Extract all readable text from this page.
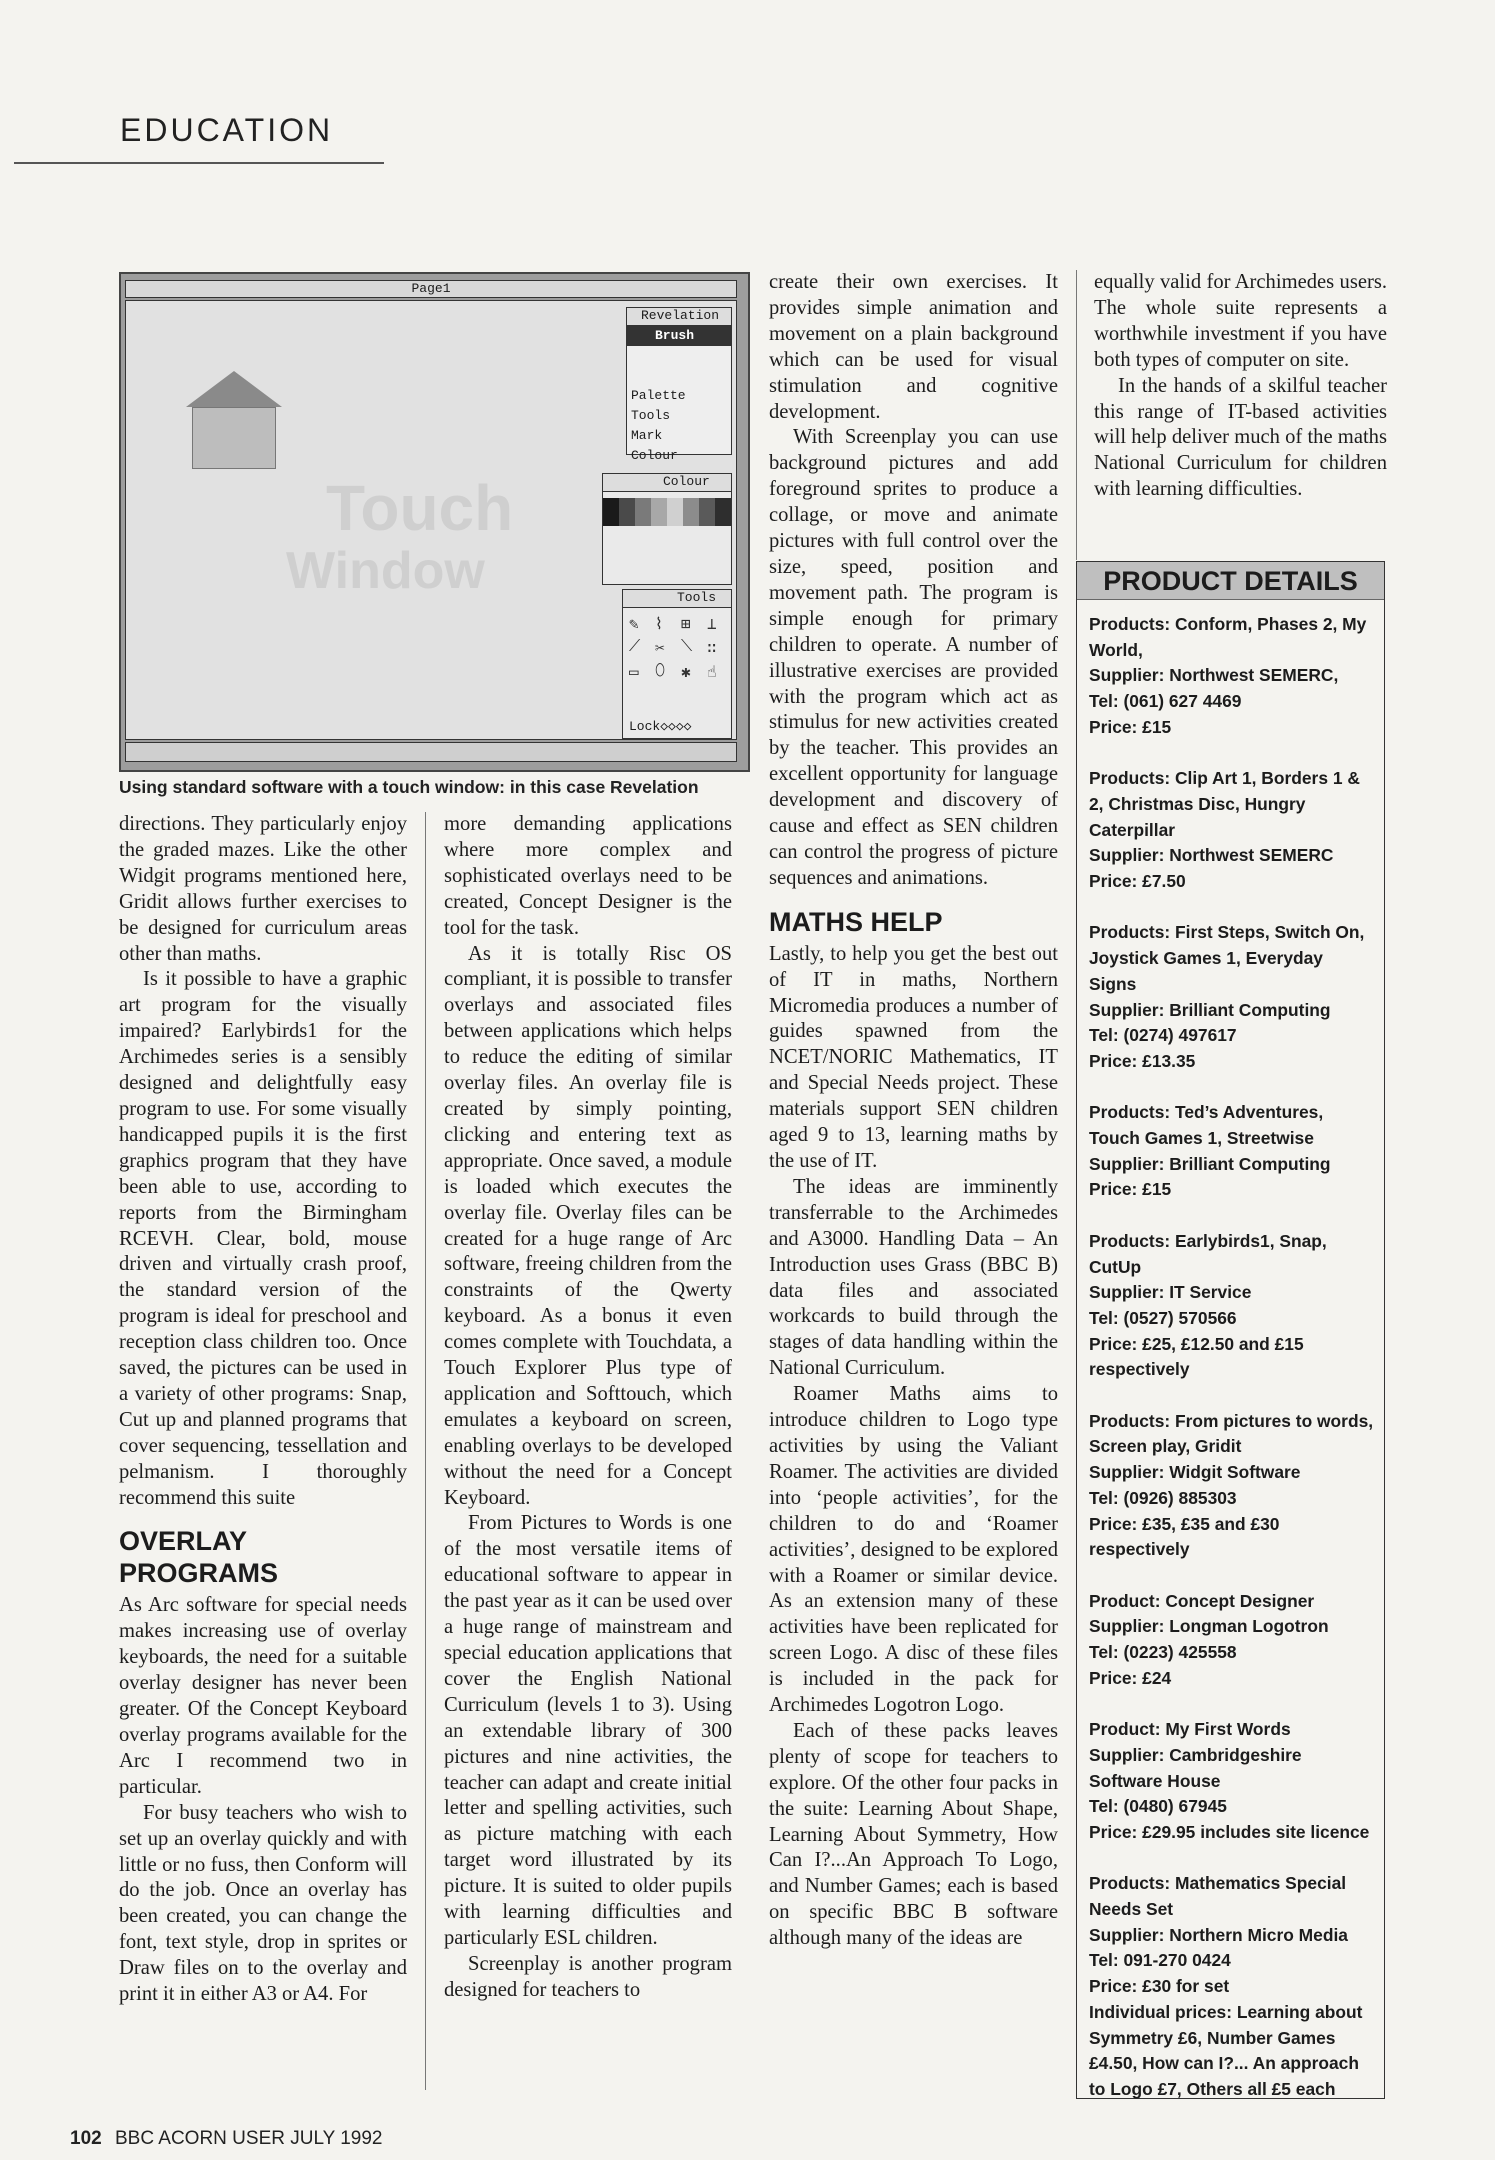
EDUCATION
Page1
Touch
Window
Revelation
Brush
Palette
Tools
Mark
Colour
Colour
Tools
✎	⌇	⊞	⊥
⟋ ✂	⟍ ∷
▭	⬯ ✱	☝
Lock◇◇◇◇
Using standard software with a touch window: in this case Revelation

directions. They particularly enjoy the graded mazes. Like the other Widgit programs mentioned here, Gridit allows further exercises to be designed for curriculum areas other than maths.

Is it possible to have a graphic art program for the visually impaired? Earlybirds1 for the Archimedes series is a sensibly designed and delightfully easy program to use. For some visually handicapped pupils it is the first graphics program that they have been able to use, according to reports from the Birmingham RCEVH. Clear, bold, mouse driven and virtually crash proof, the standard version of the program is ideal for preschool and reception class children too. Once saved, the pictures can be used in a variety of other programs: Snap, Cut up and planned programs that cover sequencing, tessellation and pelmanism. I thoroughly recommend this suite

OVERLAY PROGRAMS

As Arc software for special needs makes increasing use of overlay keyboards, the need for a suitable overlay designer has never been greater. Of the Concept Keyboard overlay programs available for the Arc I recommend two in particular.

For busy teachers who wish to set up an overlay quickly and with little or no fuss, then Conform will do the job. Once an overlay has been created, you can change the font, text style, drop in sprites or Draw files on to the overlay and print it in either A3 or A4. For

more demanding applications where more complex and sophisticated overlays need to be created, Concept Designer is the tool for the task.

As it is totally Risc OS compliant, it is possible to transfer overlays and associated files between applications which helps to reduce the editing of similar overlay files. An overlay file is created by simply pointing, clicking and entering text as appropriate. Once saved, a module is loaded which executes the overlay file. Overlay files can be created for a huge range of Arc software, freeing children from the constraints of the Qwerty keyboard. As a bonus it even comes complete with Touchdata, a Touch Explorer Plus type of application and Softtouch, which emulates a keyboard on screen, enabling overlays to be developed without the need for a Concept Keyboard.

From Pictures to Words is one of the most versatile items of educational software to appear in the past year as it can be used over a huge range of mainstream and special education applications that cover the English National Curriculum (levels 1 to 3). Using an extendable library of 300 pictures and nine activities, the teacher can adapt and create initial letter and spelling activities, such as picture matching with each target word illustrated by its picture. It is suited to older pupils with learning difficulties and particularly ESL children.

Screenplay is another program designed for teachers to

create their own exercises. It provides simple animation and movement on a plain background which can be used for visual stimulation and cognitive development.

With Screenplay you can use background pictures and add foreground sprites to produce a collage, or move and animate pictures with full control over the size, speed, position and movement path. The program is simple enough for primary children to operate. A number of illustrative exercises are provided with the program which act as stimulus for new activities created by the teacher. This provides an excellent opportunity for language development and discovery of cause and effect as SEN children can control the progress of picture sequences and animations.

MATHS HELP

Lastly, to help you get the best out of IT in maths, Northern Micromedia produces a number of guides spawned from the NCET/NORIC Mathematics, IT and Special Needs project. These materials support SEN children aged 9 to 13, learning maths by the use of IT.

The ideas are imminently transferrable to the Archimedes and A3000. Handling Data – An Introduction uses Grass (BBC B) data files and associated workcards to build through the stages of data handling within the National Curriculum.

Roamer Maths aims to introduce children to Logo type activities by using the Valiant Roamer. The activities are divided into ‘people activities’, for the children to do and ‘Roamer activities’, designed to be explored with a Roamer or similar device. As an extension many of these activities have been replicated for screen Logo. A disc of these files is included in the pack for Archimedes Logotron Logo.

Each of these packs leaves plenty of scope for teachers to explore. Of the other four packs in the suite: Learning About Shape, Learning About Symmetry, How Can I?...An Approach To Logo, and Number Games; each is based on specific BBC B software although many of the ideas are

equally valid for Archimedes users. The whole suite represents a worthwhile investment if you have both types of computer on site.

In the hands of a skilful teacher this range of IT-based activities will help deliver much of the maths National Curriculum for children with learning difficulties.

PRODUCT DETAILS
Products: Conform, Phases 2, My World,
Supplier: Northwest SEMERC,
Tel: (061) 627 4469
Price: £15
Products: Clip Art 1, Borders 1 & 2, Christmas Disc, Hungry Caterpillar
Supplier: Northwest SEMERC
Price: £7.50
Products: First Steps, Switch On, Joystick Games 1, Everyday Signs
Supplier: Brilliant Computing
Tel: (0274) 497617
Price: £13.35
Products: Ted’s Adventures, Touch Games 1, Streetwise
Supplier: Brilliant Computing
Price: £15
Products: Earlybirds1, Snap, CutUp
Supplier: IT Service
Tel: (0527) 570566
Price: £25, £12.50 and £15 respectively
Products: From pictures to words, Screen play, Gridit
Supplier: Widgit Software
Tel: (0926) 885303
Price: £35, £35 and £30 respectively
Product: Concept Designer
Supplier: Longman Logotron
Tel: (0223) 425558
Price: £24
Product: My First Words
Supplier: Cambridgeshire Software House
Tel: (0480) 67945
Price: £29.95 includes site licence
Products: Mathematics Special Needs Set
Supplier: Northern Micro Media
Tel: 091-270 0424
Price: £30 for set
Individual prices: Learning about Symmetry £6, Number Games £4.50, How can I?... An approach to Logo £7, Others all £5 each
102 BBC ACORN USER JULY 1992
